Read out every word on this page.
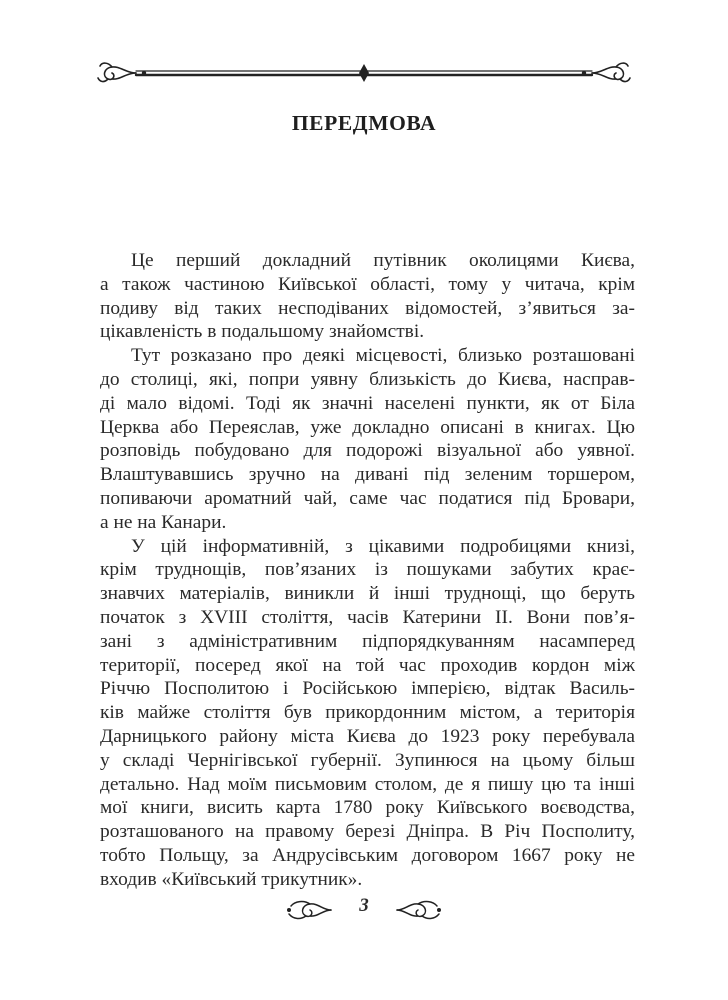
ПЕРЕДМОВА

Це перший докладний путівник околицями Києва,
а також частиною Київської області, тому у читача, крім
подиву від таких несподіваних відомостей, з’явиться за-
цікавленість в подальшому знайомстві.

Тут розказано про деякі місцевості, близько розташовані
до столиці, які, попри уявну близькість до Києва, насправ-
ді мало відомі. Тоді як значні населені пункти, як от Біла
Церква або Переяслав, уже докладно описані в книгах. Цю
розповідь побудовано для подорожі візуальної або уявної.
Влаштувавшись зручно на дивані під зеленим торшером,
попиваючи ароматний чай, саме час податися під Бровари,
а не на Канари.

У цій інформативній, з цікавими подробицями книзі,
крім труднощів, пов’язаних із пошуками забутих крає-
знавчих матеріалів, виникли й інші труднощі, що беруть
початок з XVIII століття, часів Катерини ІІ. Вони пов’я-
зані з адміністративним підпорядкуванням насамперед
території, посеред якої на той час проходив кордон між
Річчю Посполитою і Російською імперією, відтак Василь-
ків майже століття був прикордонним містом, а територія
Дарницького району міста Києва до 1923 року перебувала
у складі Чернігівської губернії. Зупинюся на цьому більш
детально. Над моїм письмовим столом, де я пишу цю та інші
мої книги, висить карта 1780 року Київського воєводства,
розташованого на правому березі Дніпра. В Річ Посполиту,
тобто Польщу, за Андрусівським договором 1667 року не
входив «Київський трикутник».

3
